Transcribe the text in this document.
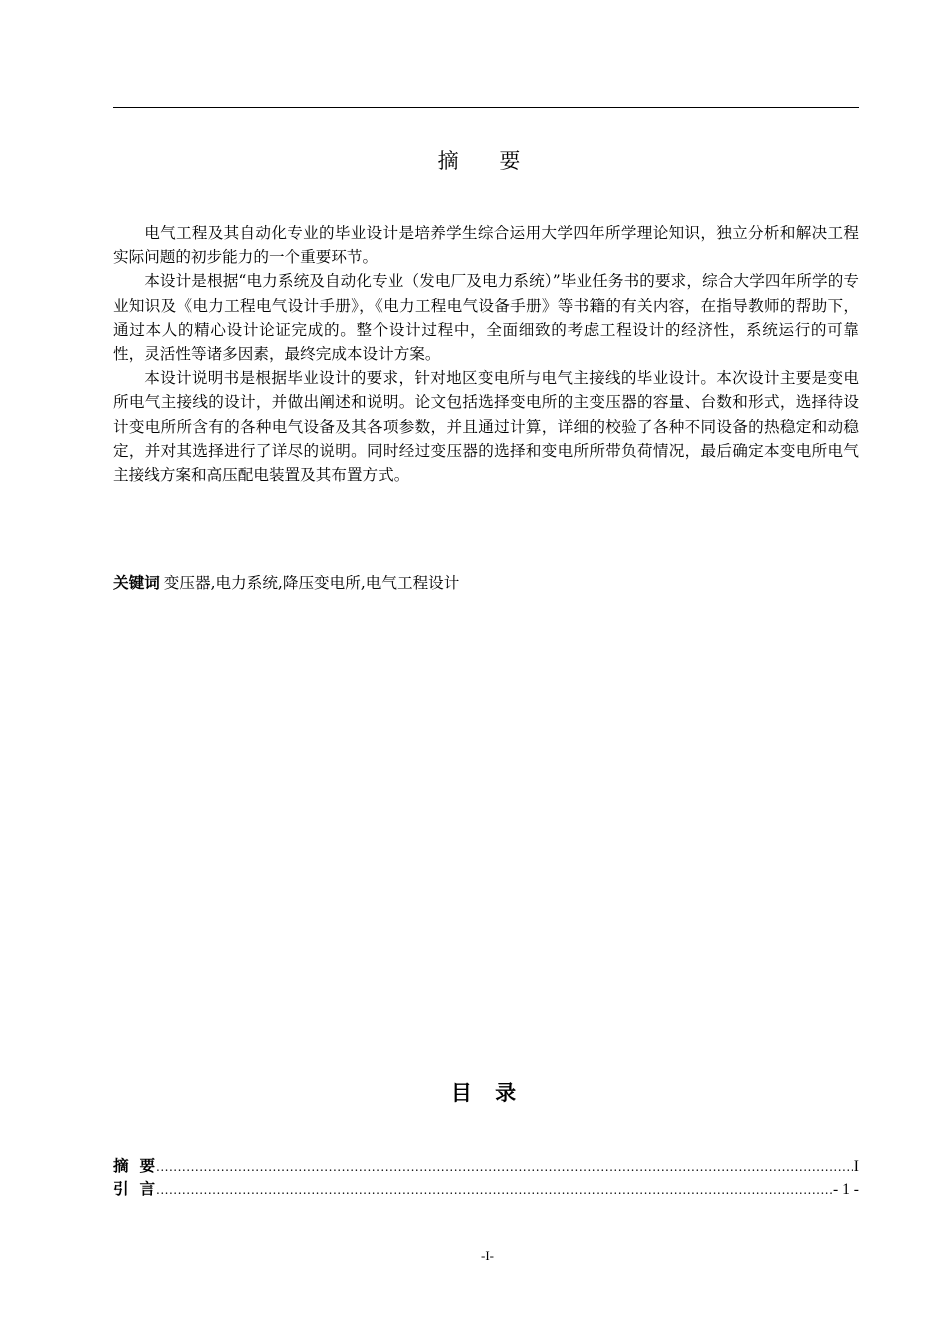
摘 要

电气工程及其自动化专业的毕业设计是培养学生综合运用大学四年所学理论知识，独立分析和解决工程实际问题的初步能力的一个重要环节。

本设计是根据“电力系统及自动化专业（发电厂及电力系统）”毕业任务书的要求，综合大学四年所学的专业知识及《电力工程电气设计手册》，《电力工程电气设备手册》等书籍的有关内容，在指导教师的帮助下，通过本人的精心设计论证完成的。整个设计过程中，全面细致的考虑工程设计的经济性，系统运行的可靠性，灵活性等诸多因素，最终完成本设计方案。

本设计说明书是根据毕业设计的要求，针对地区变电所与电气主接线的毕业设计。本次设计主要是变电所电气主接线的设计，并做出阐述和说明。论文包括选择变电所的主变压器的容量、台数和形式，选择待设计变电所所含有的各种电气设备及其各项参数，并且通过计算，详细的校验了各种不同设备的热稳定和动稳定，并对其选择进行了详尽的说明。同时经过变压器的选择和变电所所带负荷情况，最后确定本变电所电气主接线方案和高压配电装置及其布置方式。

关键词 变压器,电力系统,降压变电所,电气工程设计
目 录
摘  要 .....	I
引  言 .....	- 1 -
-I-
